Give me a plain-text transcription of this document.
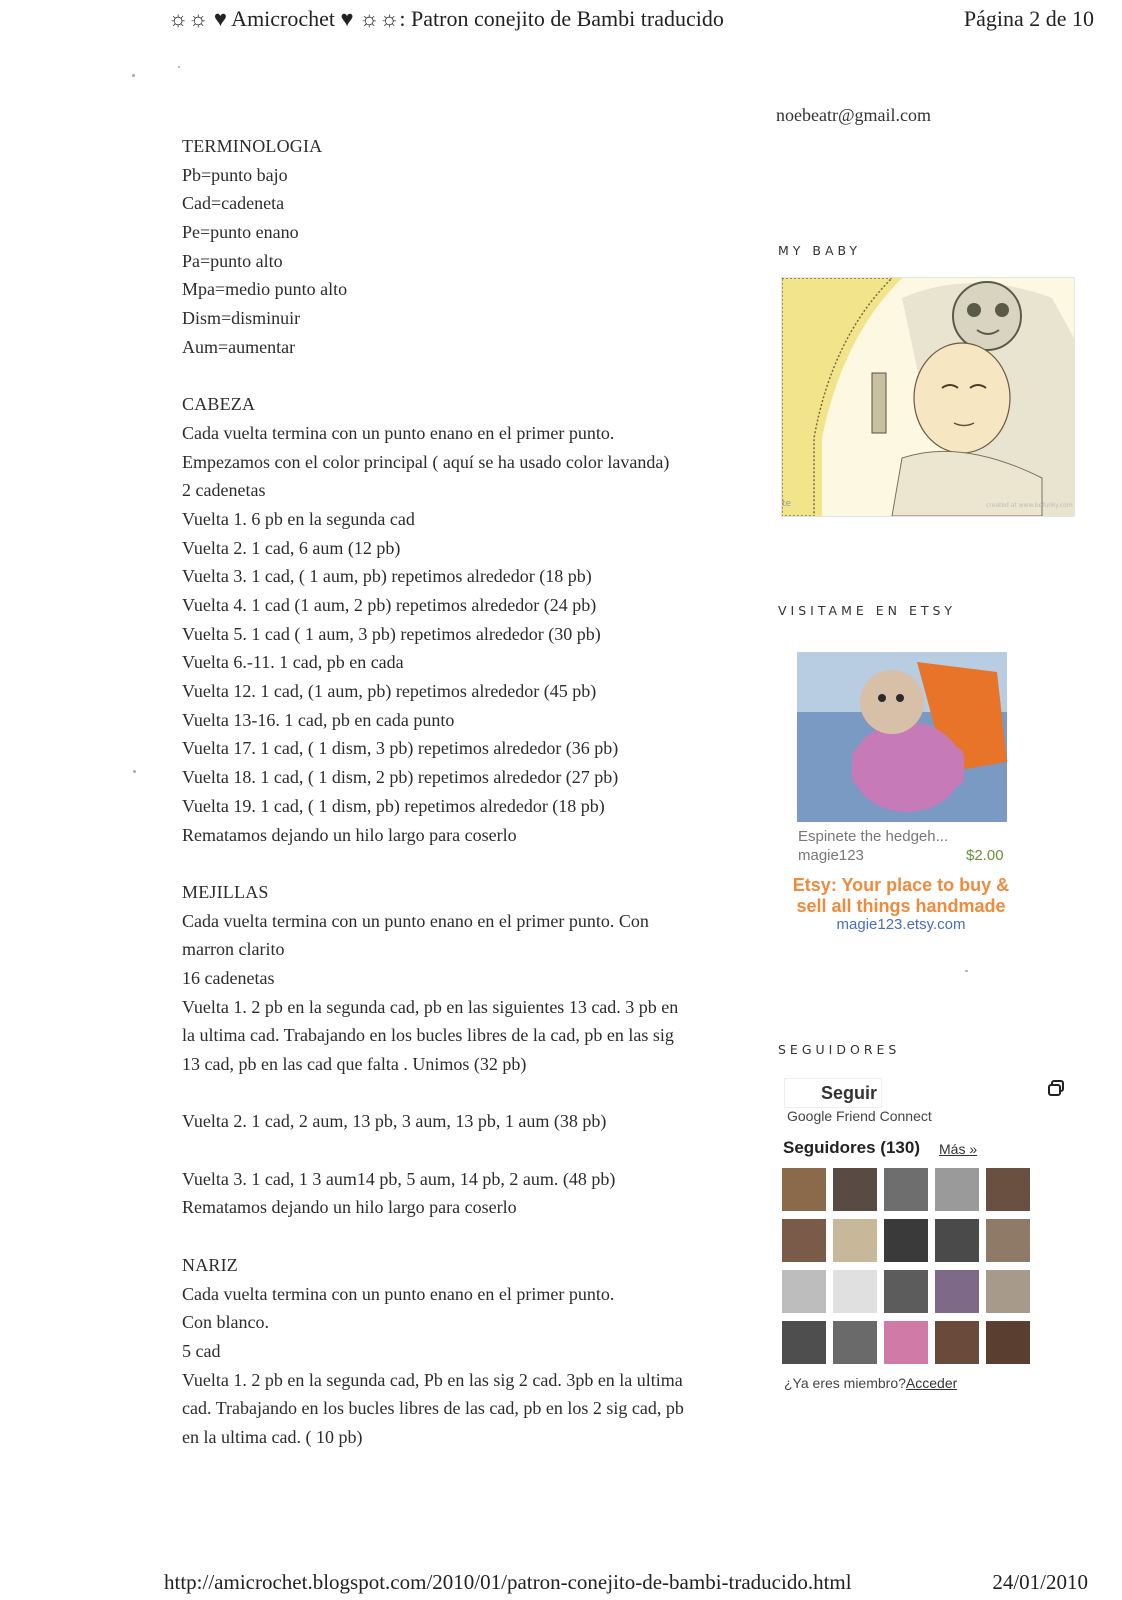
☼☼ ♥ Amicrochet ♥ ☼☼: Patron conejito de Bambi traducido	Página 2 de 10
TERMINOLOGIA
Pb=punto bajo
Cad=cadeneta
Pe=punto enano
Pa=punto alto
Mpa=medio punto alto
Dism=disminuir
Aum=aumentar
CABEZA
Cada vuelta termina con un punto enano en el primer punto.
Empezamos con el color principal ( aquí se ha usado color lavanda)
2 cadenetas
Vuelta 1. 6 pb en la segunda cad
Vuelta 2. 1 cad, 6 aum (12 pb)
Vuelta 3. 1 cad, ( 1 aum, pb) repetimos alrededor (18 pb)
Vuelta 4. 1 cad (1 aum, 2 pb) repetimos alrededor (24 pb)
Vuelta 5. 1 cad ( 1 aum, 3 pb) repetimos alrededor (30 pb)
Vuelta 6.-11. 1 cad, pb en cada
Vuelta 12. 1 cad, (1 aum, pb) repetimos alrededor (45 pb)
Vuelta 13-16. 1 cad, pb en cada punto
Vuelta 17. 1 cad, ( 1 dism, 3 pb) repetimos alrededor (36 pb)
Vuelta 18. 1 cad, ( 1 dism, 2 pb) repetimos alrededor (27 pb)
Vuelta 19. 1 cad, ( 1 dism, pb) repetimos alrededor (18 pb)
Rematamos dejando un hilo largo para coserlo
MEJILLAS
Cada vuelta termina con un punto enano en el primer punto. Con
marron clarito
16 cadenetas
Vuelta 1. 2 pb en la segunda cad, pb en las siguientes 13 cad. 3 pb en
la ultima cad. Trabajando en los bucles libres de la cad, pb en las sig
13 cad, pb en las cad que falta . Unimos (32 pb)
Vuelta 2. 1 cad, 2 aum, 13 pb, 3 aum, 13 pb, 1 aum (38 pb)
Vuelta 3. 1 cad, 1 3 aum14 pb, 5 aum, 14 pb, 2 aum. (48 pb)
Rematamos dejando un hilo largo para coserlo
NARIZ
Cada vuelta termina con un punto enano en el primer punto.
Con blanco.
5 cad
Vuelta 1. 2 pb en la segunda cad, Pb en las sig 2 cad. 3pb en la ultima
cad. Trabajando en los bucles libres de las cad, pb en los 2 sig cad, pb
en la ultima cad. ( 10 pb)
noebeatr@gmail.com
MY BABY
te	created at www.befunky.com
VISITAME EN ETSY
Espinete the hedgeh...
magie123	$2.00
Etsy: Your place to buy &
sell all things handmade
magie123.etsy.com
SEGUIDORES
Seguir
Google Friend Connect
Seguidores (130) Más »
¿Ya eres miembro?Acceder
http://amicrochet.blogspot.com/2010/01/patron-conejito-de-bambi-traducido.html	24/01/2010
